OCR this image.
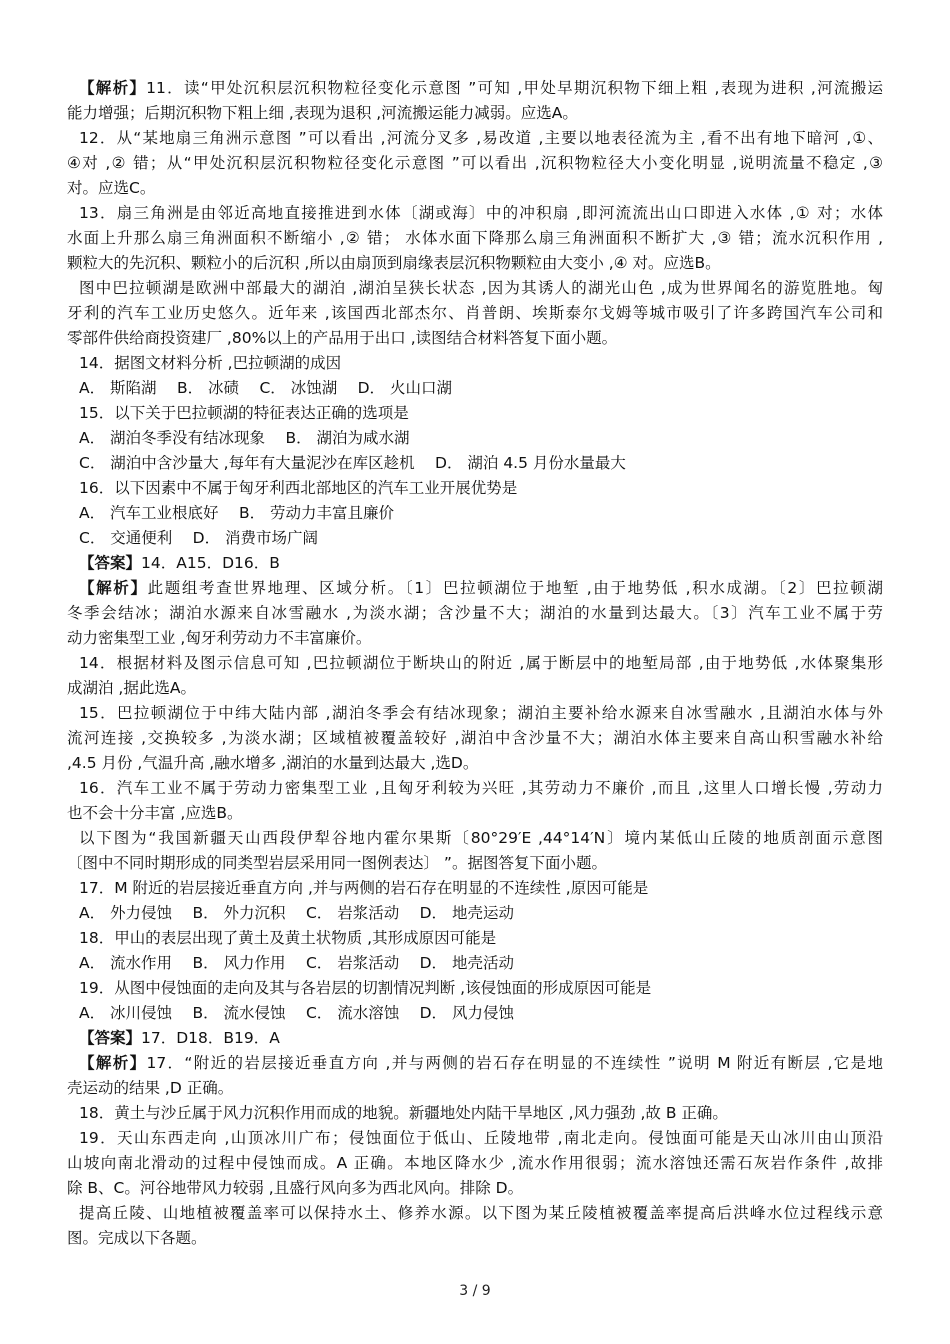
【解析】11．读“甲处沉积层沉积物粒径变化示意图 ”可知 ,甲处早期沉积物下细上粗 ,表现为进积 ,河流搬运
能力增强；后期沉积物下粗上细 ,表现为退积 ,河流搬运能力减弱。应选A。
12．从“某地扇三角洲示意图 ”可以看出 ,河流分叉多 ,易改道 ,主要以地表径流为主 ,看不出有地下暗河 ,①、
④对 ,② 错；从“甲处沉积层沉积物粒径变化示意图 ”可以看出 ,沉积物粒径大小变化明显 ,说明流量不稳定 ,③
对。应选C。
13．扇三角洲是由邻近高地直接推进到水体〔湖或海〕中的冲积扇 ,即河流流出山口即进入水体 ,① 对；水体
水面上升那么扇三角洲面积不断缩小 ,② 错； 水体水面下降那么扇三角洲面积不断扩大 ,③ 错；流水沉积作用 ,
颗粒大的先沉积、颗粒小的后沉积 ,所以由扇顶到扇缘表层沉积物颗粒由大变小 ,④ 对。应选B。
图中巴拉顿湖是欧洲中部最大的湖泊 ,湖泊呈狭长状态 ,因为其诱人的湖光山色 ,成为世界闻名的游览胜地。匈
牙利的汽车工业历史悠久。近年来 ,该国西北部杰尔、肖普朗、埃斯泰尔戈姆等城市吸引了许多跨国汽车公司和
零部件供给商投资建厂 ,80%以上的产品用于出口 ,读图结合材料答复下面小题。
14．据图文材料分析 ,巴拉顿湖的成因
A． 斯陷湖　 B． 冰碛　 C． 冰蚀湖　 D． 火山口湖
15．以下关于巴拉顿湖的特征表达正确的选项是
A． 湖泊冬季没有结冰现象　 B． 湖泊为咸水湖
C． 湖泊中含沙量大 ,每年有大量泥沙在库区趁机　 D． 湖泊 4.5 月份水量最大
16．以下因素中不属于匈牙利西北部地区的汽车工业开展优势是
A． 汽车工业根底好　 B． 劳动力丰富且廉价
C． 交通便利　 D． 消费市场广阔
【答案】14．A15．D16．B
【解析】此题组考查世界地理、区域分析。〔1〕巴拉顿湖位于地堑 ,由于地势低 ,积水成湖。〔2〕巴拉顿湖
冬季会结冰；湖泊水源来自冰雪融水 ,为淡水湖；含沙量不大；湖泊的水量到达最大。〔3〕汽车工业不属于劳
动力密集型工业 ,匈牙利劳动力不丰富廉价。
14．根据材料及图示信息可知 ,巴拉顿湖位于断块山的附近 ,属于断层中的地堑局部 ,由于地势低 ,水体聚集形
成湖泊 ,据此选A。
15．巴拉顿湖位于中纬大陆内部 ,湖泊冬季会有结冰现象；湖泊主要补给水源来自冰雪融水 ,且湖泊水体与外
流河连接 ,交换较多 ,为淡水湖；区域植被覆盖较好 ,湖泊中含沙量不大；湖泊水体主要来自高山积雪融水补给
,4.5 月份 ,气温升高 ,融水增多 ,湖泊的水量到达最大 ,选D。
16．汽车工业不属于劳动力密集型工业 ,且匈牙利较为兴旺 ,其劳动力不廉价 ,而且 ,这里人口增长慢 ,劳动力
也不会十分丰富 ,应选B。
以下图为“我国新疆天山西段伊犁谷地内霍尔果斯〔80°29′E ,44°14′N〕境内某低山丘陵的地质剖面示意图
〔图中不同时期形成的同类型岩层采用同一图例表达〕 ”。据图答复下面小题。
17．M 附近的岩层接近垂直方向 ,并与两侧的岩石存在明显的不连续性 ,原因可能是
A． 外力侵蚀　 B． 外力沉积　 C． 岩浆活动　 D． 地壳运动
18．甲山的表层出现了黄土及黄土状物质 ,其形成原因可能是
A． 流水作用　 B． 风力作用　 C． 岩浆活动　 D． 地壳活动
19．从图中侵蚀面的走向及其与各岩层的切割情况判断 ,该侵蚀面的形成原因可能是
A． 冰川侵蚀　 B． 流水侵蚀　 C． 流水溶蚀　 D． 风力侵蚀
【答案】17．D18．B19．A
【解析】17．“附近的岩层接近垂直方向 ,并与两侧的岩石存在明显的不连续性 ”说明 M 附近有断层 ,它是地
壳运动的结果 ,D 正确。
18．黄土与沙丘属于风力沉积作用而成的地貌。新疆地处内陆干旱地区 ,风力强劲 ,故 B 正确。
19．天山东西走向 ,山顶冰川广布；侵蚀面位于低山、丘陵地带 ,南北走向。侵蚀面可能是天山冰川由山顶沿
山坡向南北滑动的过程中侵蚀而成。A 正确。本地区降水少 ,流水作用很弱；流水溶蚀还需石灰岩作条件 ,故排
除 B、C。河谷地带风力较弱 ,且盛行风向多为西北风向。排除 D。
提高丘陵、山地植被覆盖率可以保持水土、修养水源。以下图为某丘陵植被覆盖率提高后洪峰水位过程线示意
图。完成以下各题。
3 / 9
